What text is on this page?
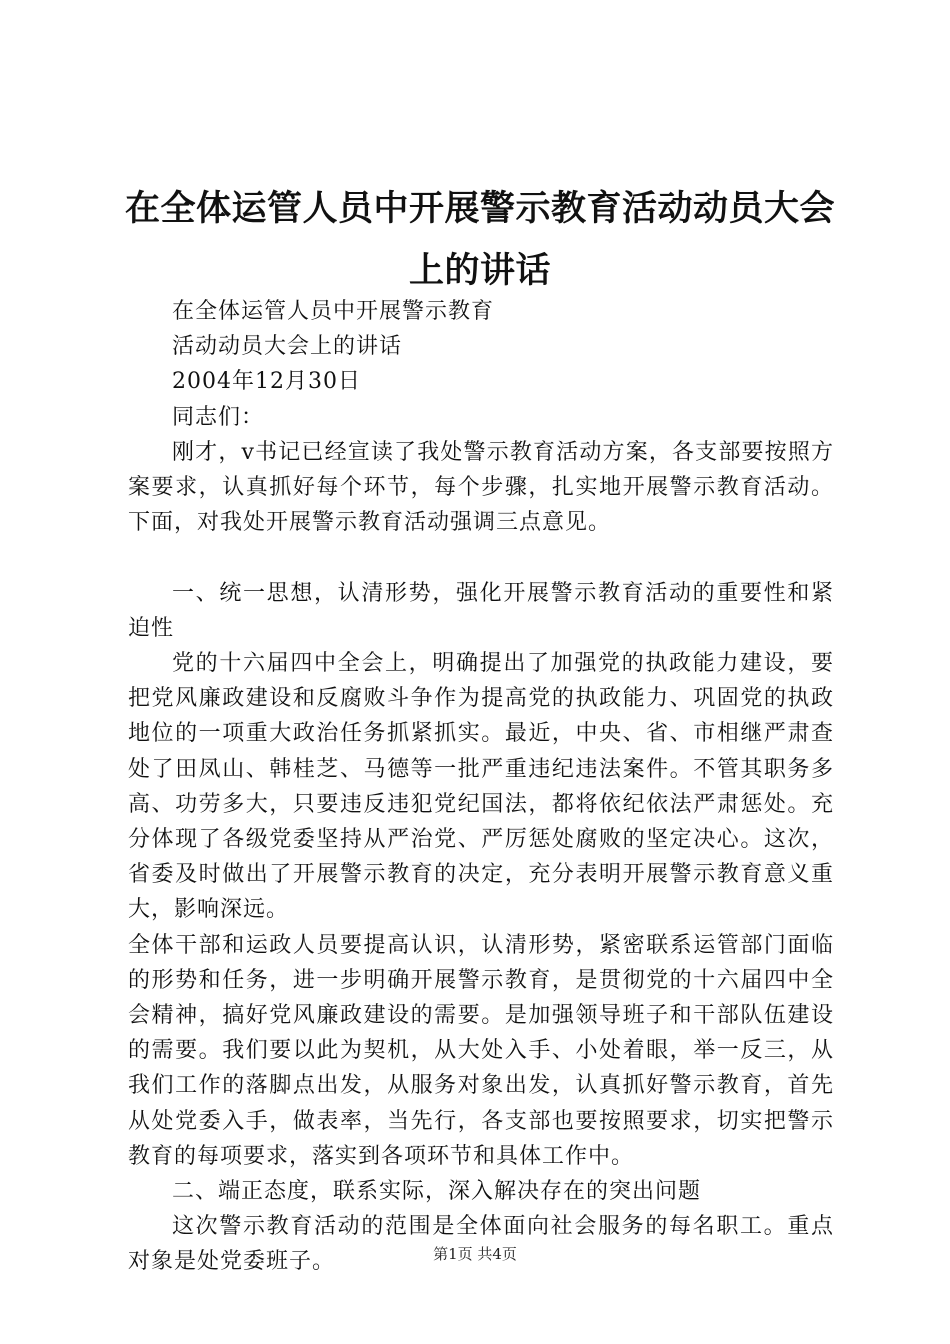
在全体运管人员中开展警示教育活动动员大会上的讲话

在全体运管人员中开展警示教育

活动动员大会上的讲话

2004年12月30日

同志们：

刚才，v书记已经宣读了我处警示教育活动方案，各支部要按照方案要求，认真抓好每个环节，每个步骤，扎实地开展警示教育活动。下面，对我处开展警示教育活动强调三点意见。

一、统一思想，认清形势，强化开展警示教育活动的重要性和紧迫性

党的十六届四中全会上，明确提出了加强党的执政能力建设，要把党风廉政建设和反腐败斗争作为提高党的执政能力、巩固党的执政地位的一项重大政治任务抓紧抓实。最近，中央、省、市相继严肃查处了田凤山、韩桂芝、马德等一批严重违纪违法案件。不管其职务多高、功劳多大，只要违反违犯党纪国法，都将依纪依法严肃惩处。充分体现了各级党委坚持从严治党、严厉惩处腐败的坚定决心。这次，省委及时做出了开展警示教育的决定，充分表明开展警示教育意义重大，影响深远。

全体干部和运政人员要提高认识，认清形势，紧密联系运管部门面临的形势和任务，进一步明确开展警示教育，是贯彻党的十六届四中全会精神，搞好党风廉政建设的需要。是加强领导班子和干部队伍建设的需要。我们要以此为契机，从大处入手、小处着眼，举一反三，从我们工作的落脚点出发，从服务对象出发，认真抓好警示教育，首先从处党委入手，做表率，当先行，各支部也要按照要求，切实把警示教育的每项要求，落实到各项环节和具体工作中。

二、端正态度，联系实际，深入解决存在的突出问题

这次警示教育活动的范围是全体面向社会服务的每名职工。重点对象是处党委班子。	第1页 共4页
